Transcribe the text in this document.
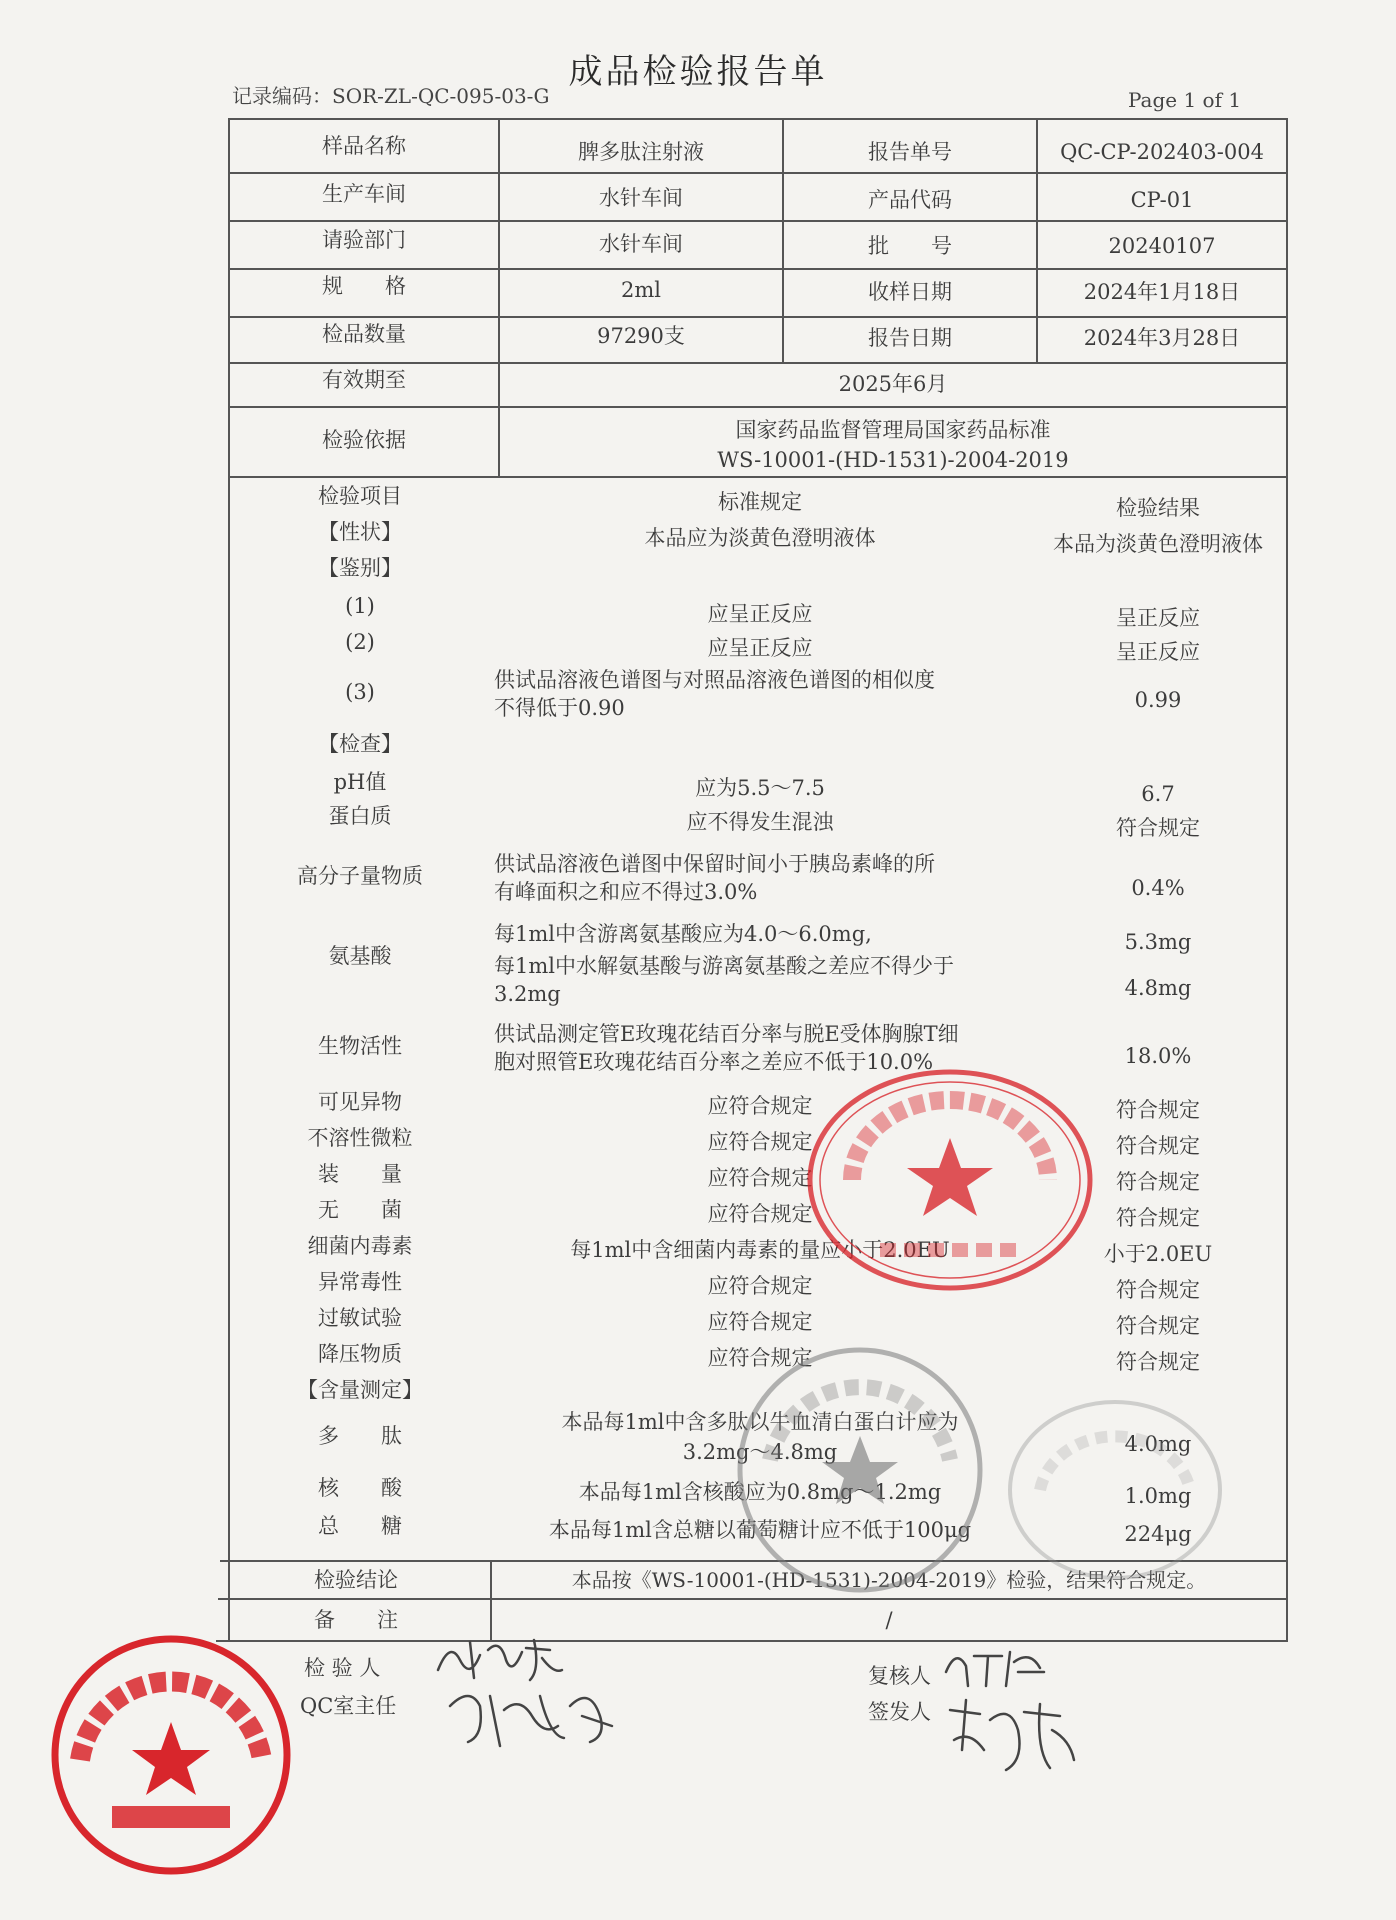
成品检验报告单
记录编码：SOR-ZL-QC-095-03-G	Page 1 of 1
样品名称	脾多肽注射液	报告单号	QC-CP-202403-004
生产车间	水针车间	产品代码	CP-01
请验部门	水针车间	批　　号	20240107
规　　格	2ml	收样日期	2024年1月18日
检品数量	97290支	报告日期	2024年3月28日
有效期至	2025年6月
检验依据	国家药品监督管理局国家药品标准
WS-10001-(HD-1531)-2004-2019
检验项目	标准规定	检验结果
【性状】	本品应为淡黄色澄明液体	本品为淡黄色澄明液体
【鉴别】
(1)	应呈正反应	呈正反应
(2)	应呈正反应	呈正反应
(3)	供试品溶液色谱图与对照品溶液色谱图的相似度
不得低于0.90	0.99
【检查】
pH值	应为5.5～7.5	6.7
蛋白质	应不得发生混浊	符合规定
高分子量物质	供试品溶液色谱图中保留时间小于胰岛素峰的所
有峰面积之和应不得过3.0%	0.4%
氨基酸
每1ml中含游离氨基酸应为4.0～6.0mg,	5.3mg
每1ml中水解氨基酸与游离氨基酸之差应不得少于
3.2mg	4.8mg
生物活性	供试品测定管E玫瑰花结百分率与脱E受体胸腺T细
胞对照管E玫瑰花结百分率之差应不低于10.0%	18.0%
可见异物	应符合规定	符合规定
不溶性微粒	应符合规定	符合规定
装　　量	应符合规定	符合规定
无　　菌	应符合规定	符合规定
细菌内毒素	每1ml中含细菌内毒素的量应小于2.0EU	小于2.0EU
异常毒性	应符合规定	符合规定
过敏试验	应符合规定	符合规定
降压物质	应符合规定	符合规定
【含量测定】
多　　肽
本品每1ml中含多肽以牛血清白蛋白计应为
3.2mg～4.8mg	4.0mg
核　　酸	本品每1ml含核酸应为0.8mg～1.2mg	1.0mg
总　　糖	本品每1ml含总糖以葡萄糖计应不低于100μg	224μg
检验结论	本品按《WS-10001-(HD-1531)-2004-2019》检验，结果符合规定。
备　　注	/
检 验 人
QC室主任
复核人
签发人
